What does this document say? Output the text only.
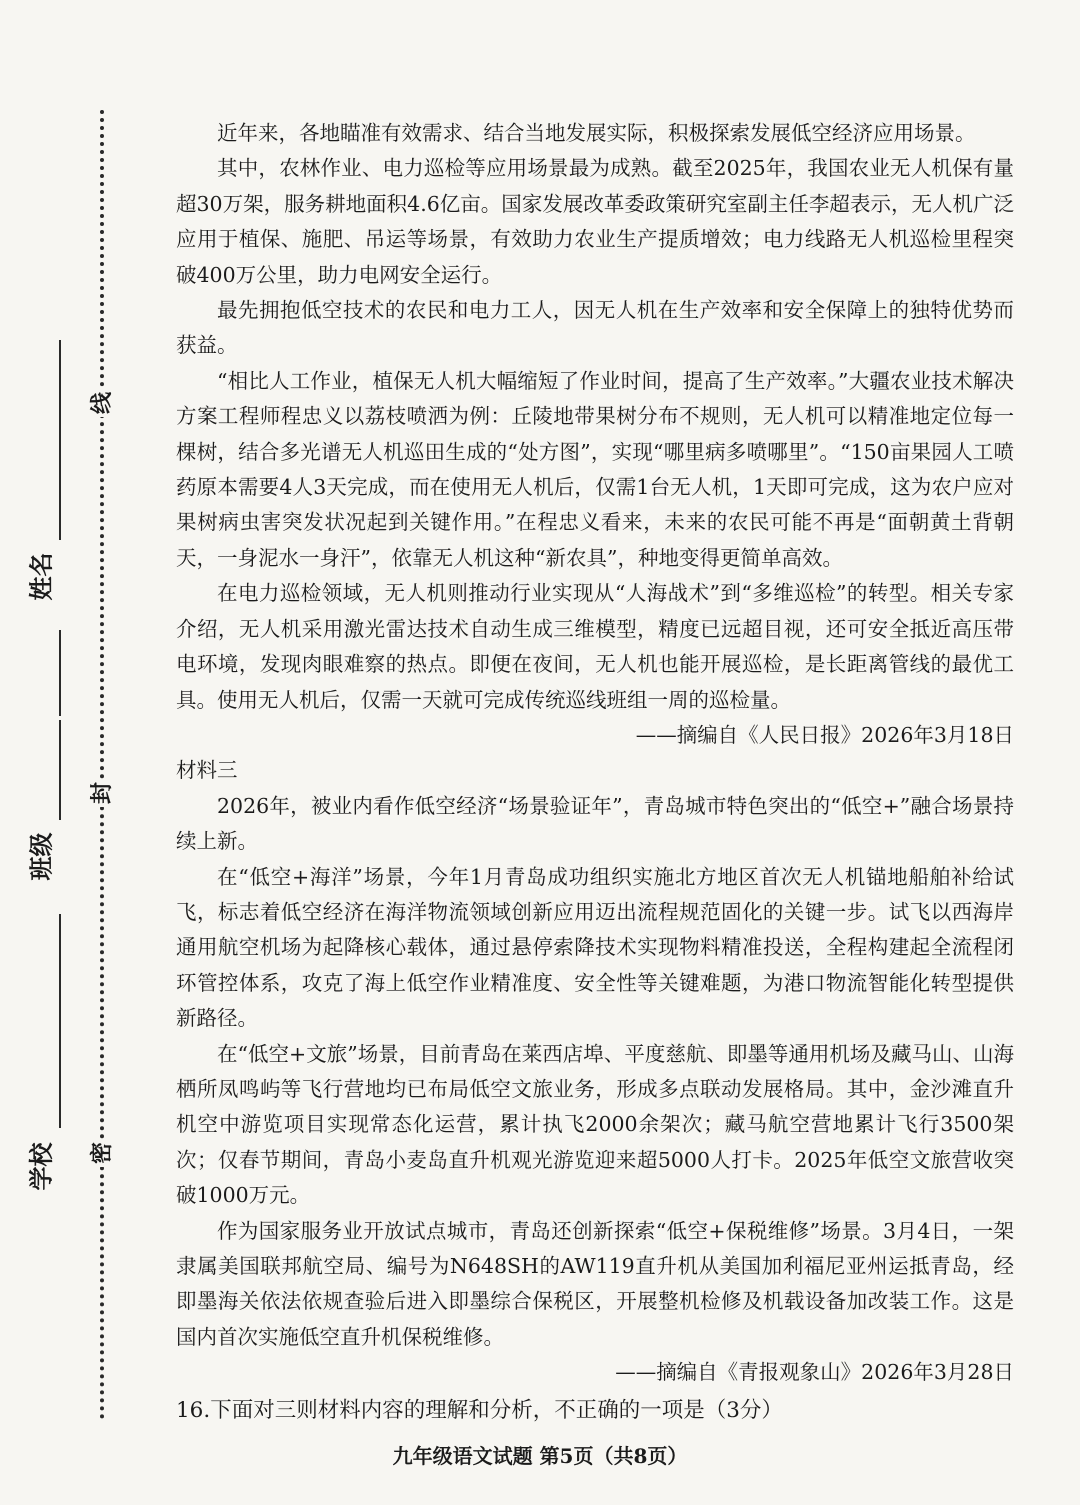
线
封
密
姓名
班级
学校

近年来，各地瞄准有效需求、结合当地发展实际，积极探索发展低空经济应用场景。

其中，农林作业、电力巡检等应用场景最为成熟。截至2025年，我国农业无人机保有量超30万架，服务耕地面积4.6亿亩。国家发展改革委政策研究室副主任李超表示，无人机广泛应用于植保、施肥、吊运等场景，有效助力农业生产提质增效；电力线路无人机巡检里程突破400万公里，助力电网安全运行。

最先拥抱低空技术的农民和电力工人，因无人机在生产效率和安全保障上的独特优势而获益。

“相比人工作业，植保无人机大幅缩短了作业时间，提高了生产效率。”大疆农业技术解决方案工程师程忠义以荔枝喷洒为例：丘陵地带果树分布不规则，无人机可以精准地定位每一棵树，结合多光谱无人机巡田生成的“处方图”，实现“哪里病多喷哪里”。“150亩果园人工喷药原本需要4人3天完成，而在使用无人机后，仅需1台无人机，1天即可完成，这为农户应对果树病虫害突发状况起到关键作用。”在程忠义看来，未来的农民可能不再是“面朝黄土背朝天，一身泥水一身汗”，依靠无人机这种“新农具”，种地变得更简单高效。

在电力巡检领域，无人机则推动行业实现从“人海战术”到“多维巡检”的转型。相关专家介绍，无人机采用激光雷达技术自动生成三维模型，精度已远超目视，还可安全抵近高压带电环境，发现肉眼难察的热点。即便在夜间，无人机也能开展巡检，是长距离管线的最优工具。使用无人机后，仅需一天就可完成传统巡线班组一周的巡检量。

——摘编自《人民日报》2026年3月18日

材料三

2026年，被业内看作低空经济“场景验证年”，青岛城市特色突出的“低空+”融合场景持续上新。

在“低空+海洋”场景，今年1月青岛成功组织实施北方地区首次无人机锚地船舶补给试飞，标志着低空经济在海洋物流领域创新应用迈出流程规范固化的关键一步。试飞以西海岸通用航空机场为起降核心载体，通过悬停索降技术实现物料精准投送，全程构建起全流程闭环管控体系，攻克了海上低空作业精准度、安全性等关键难题，为港口物流智能化转型提供新路径。

在“低空+文旅”场景，目前青岛在莱西店埠、平度慈航、即墨等通用机场及藏马山、山海栖所凤鸣屿等飞行营地均已布局低空文旅业务，形成多点联动发展格局。其中，金沙滩直升机空中游览项目实现常态化运营，累计执飞2000余架次；藏马航空营地累计飞行3500架次；仅春节期间，青岛小麦岛直升机观光游览迎来超5000人打卡。2025年低空文旅营收突破1000万元。

作为国家服务业开放试点城市，青岛还创新探索“低空+保税维修”场景。3月4日，一架隶属美国联邦航空局、编号为N648SH的AW119直升机从美国加利福尼亚州运抵青岛，经即墨海关依法依规查验后进入即墨综合保税区，开展整机检修及机载设备加改装工作。这是国内首次实施低空直升机保税维修。

——摘编自《青报观象山》2026年3月28日

16.下面对三则材料内容的理解和分析，不正确的一项是（3分）

九年级语文试题 第5页（共8页）
